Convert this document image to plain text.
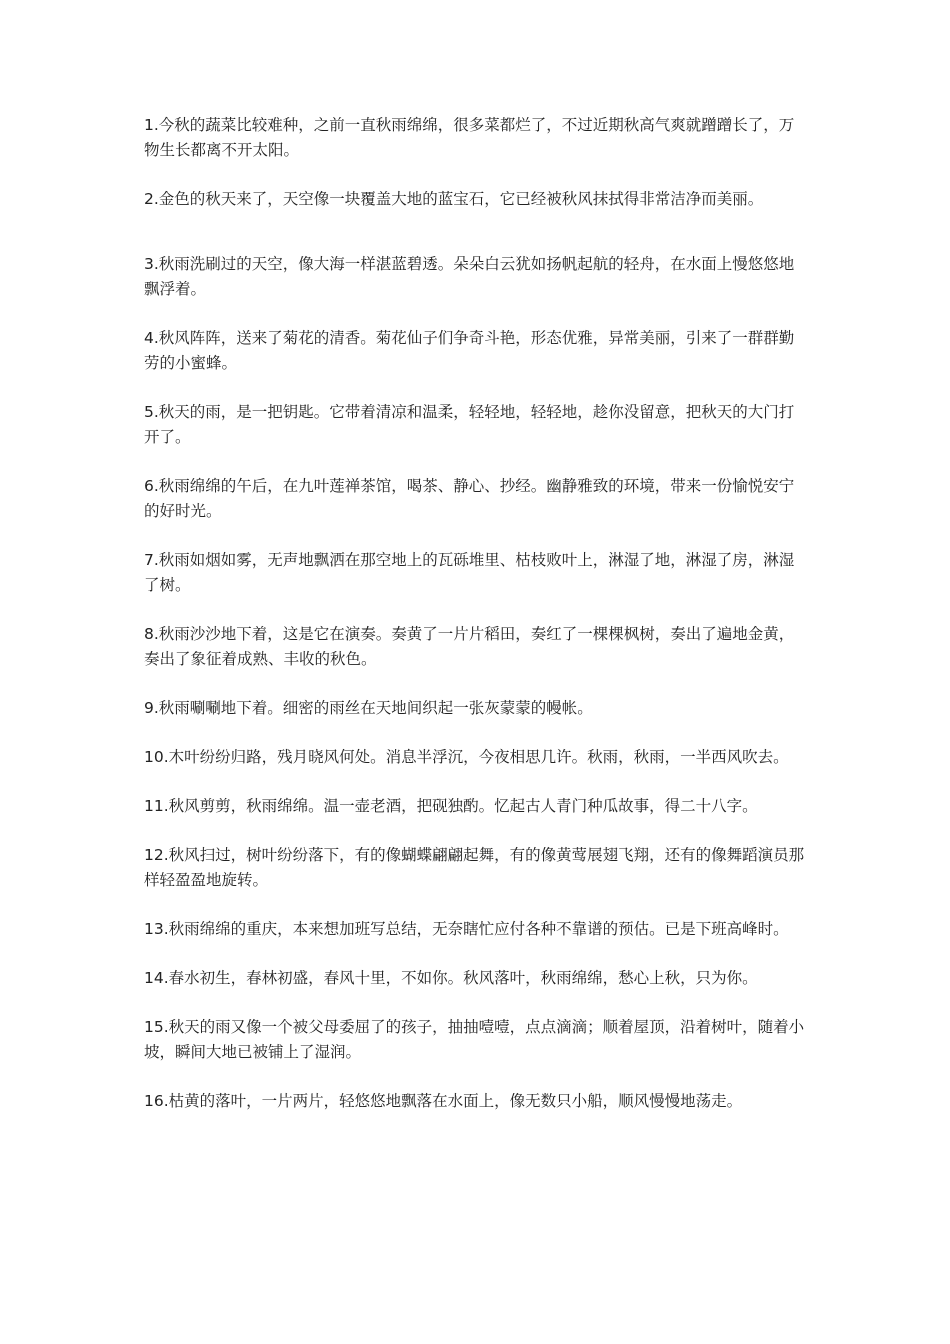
1.今秋的蔬菜比较难种，之前一直秋雨绵绵，很多菜都烂了，不过近期秋高气爽就蹭蹭长了，万物生长都离不开太阳。

2.金色的秋天来了，天空像一块覆盖大地的蓝宝石，它已经被秋风抹拭得非常洁净而美丽。

3.秋雨洗刷过的天空，像大海一样湛蓝碧透。朵朵白云犹如扬帆起航的轻舟，在水面上慢悠悠地飘浮着。

4.秋风阵阵，送来了菊花的清香。菊花仙子们争奇斗艳，形态优雅，异常美丽，引来了一群群勤劳的小蜜蜂。

5.秋天的雨，是一把钥匙。它带着清凉和温柔，轻轻地，轻轻地，趁你没留意，把秋天的大门打开了。

6.秋雨绵绵的午后，在九叶莲禅茶馆，喝茶、静心、抄经。幽静雅致的环境，带来一份愉悦安宁的好时光。

7.秋雨如烟如雾，无声地飘洒在那空地上的瓦砾堆里、枯枝败叶上，淋湿了地，淋湿了房，淋湿了树。

8.秋雨沙沙地下着，这是它在演奏。奏黄了一片片稻田，奏红了一棵棵枫树，奏出了遍地金黄，奏出了象征着成熟、丰收的秋色。

9.秋雨唰唰地下着。细密的雨丝在天地间织起一张灰蒙蒙的幔帐。

10.木叶纷纷归路，残月晓风何处。消息半浮沉，今夜相思几许。秋雨，秋雨，一半西风吹去。

11.秋风剪剪，秋雨绵绵。温一壶老酒，把砚独酌。忆起古人青门种瓜故事，得二十八字。

12.秋风扫过，树叶纷纷落下，有的像蝴蝶翩翩起舞，有的像黄莺展翅飞翔，还有的像舞蹈演员那样轻盈盈地旋转。

13.秋雨绵绵的重庆，本来想加班写总结，无奈瞎忙应付各种不靠谱的预估。已是下班高峰时。

14.春水初生，春林初盛，春风十里，不如你。秋风落叶，秋雨绵绵，愁心上秋，只为你。

15.秋天的雨又像一个被父母委屈了的孩子，抽抽噎噎，点点滴滴；顺着屋顶，沿着树叶，随着小坡，瞬间大地已被铺上了湿润。

16.枯黄的落叶，一片两片，轻悠悠地飘落在水面上，像无数只小船，顺风慢慢地荡走。
